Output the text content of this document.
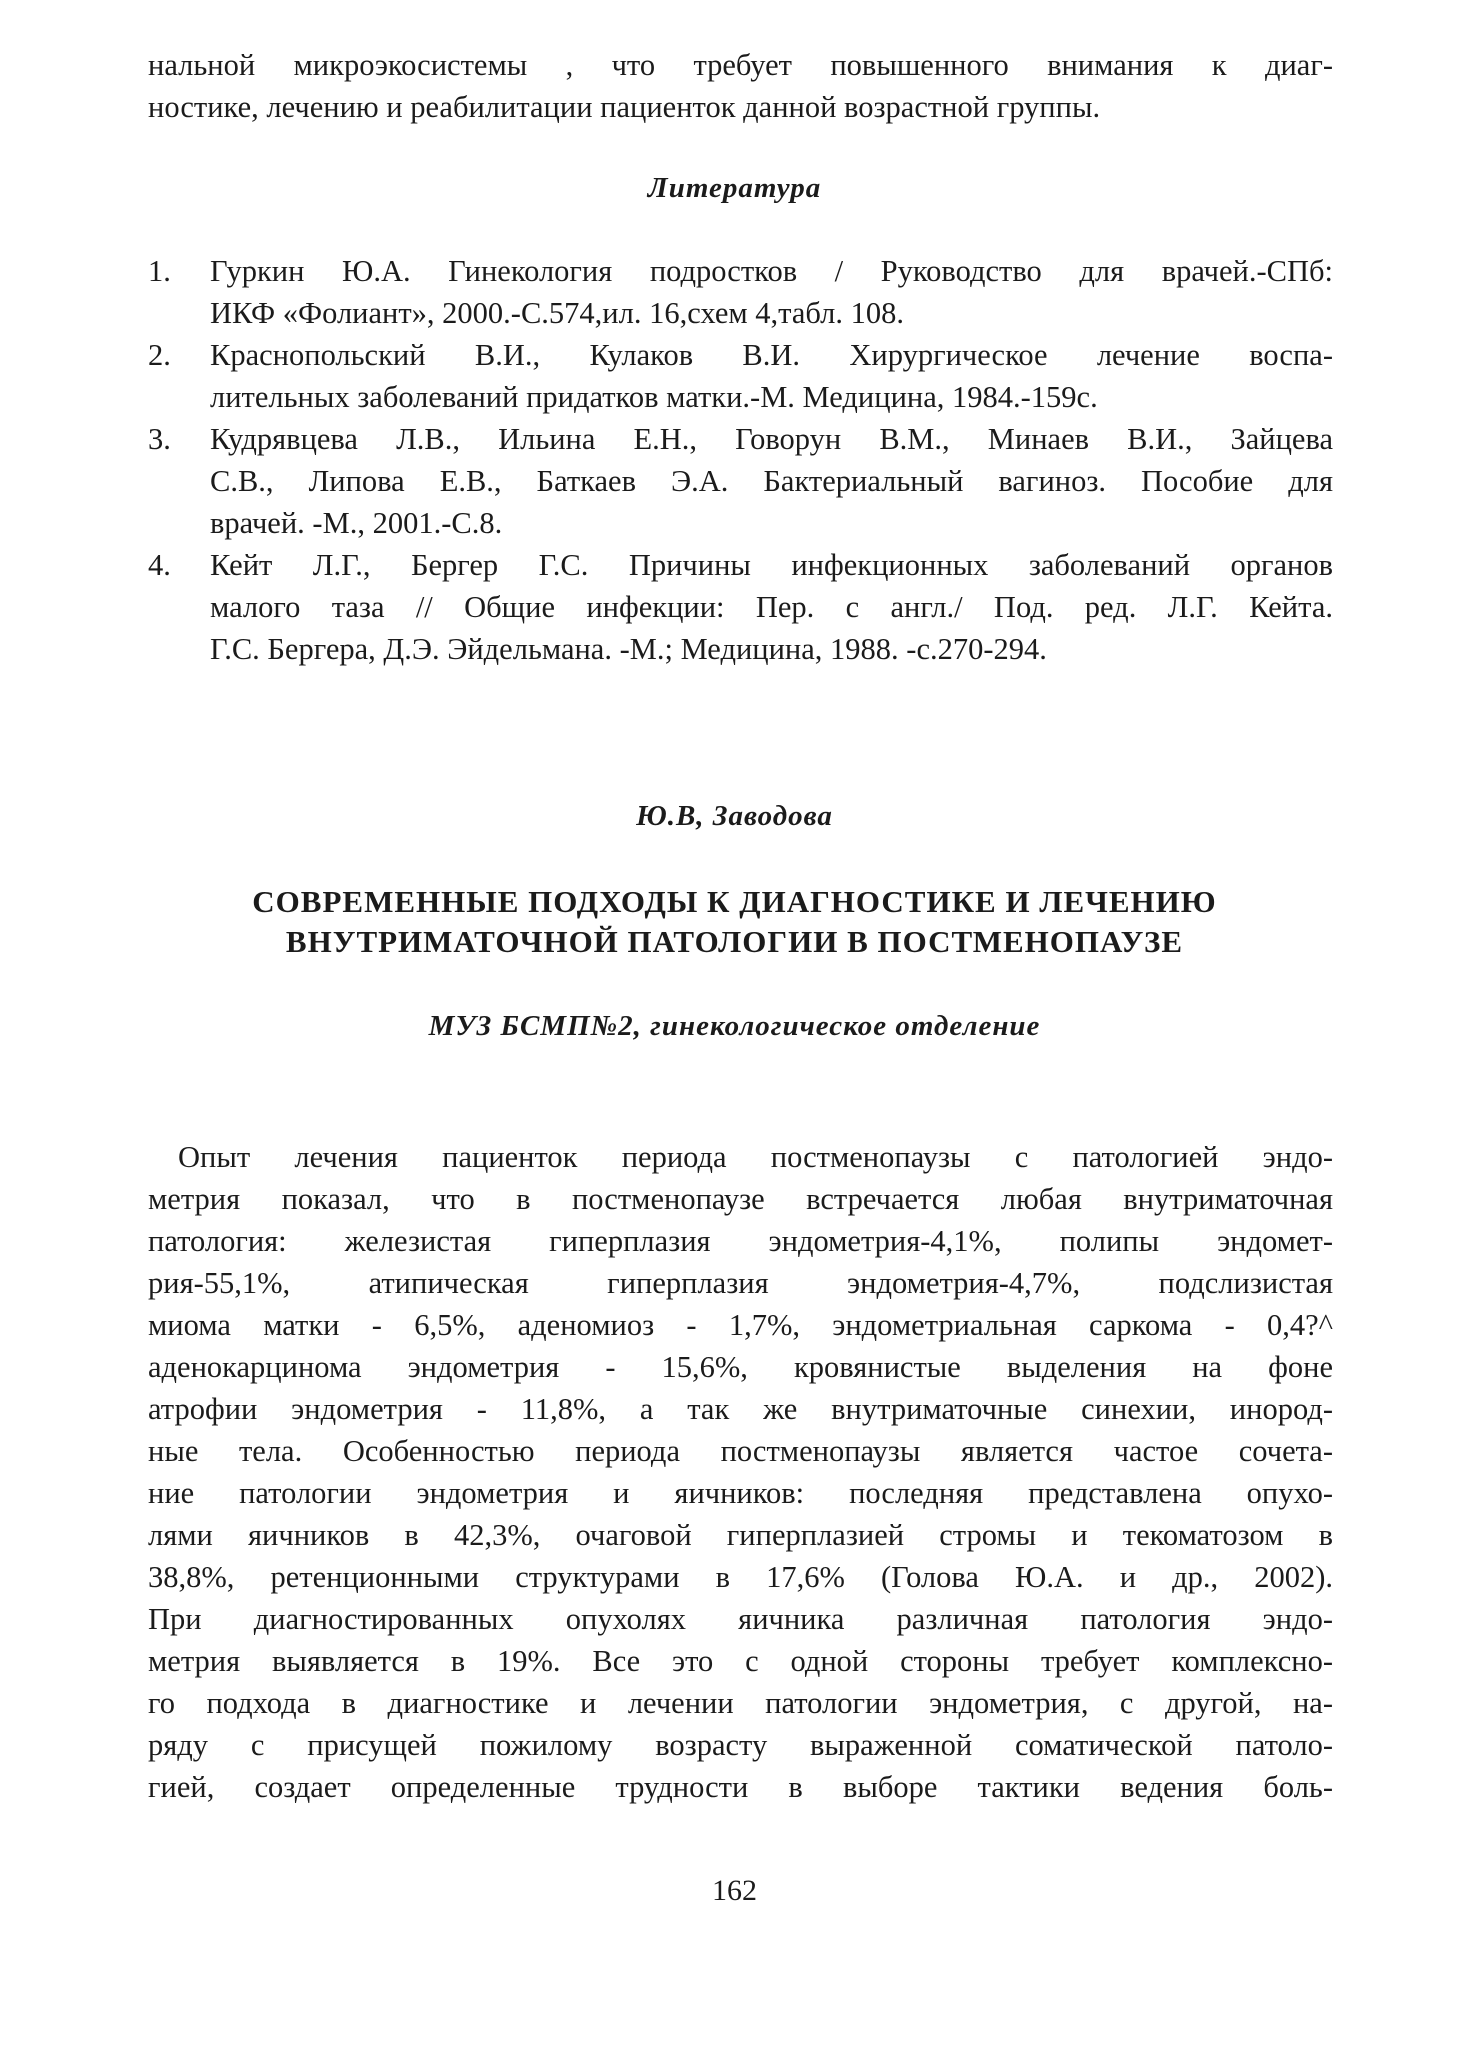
нальной микроэкосистемы , что требует повышенного внимания к диаг-
ностике, лечению и реабилитации пациенток данной возрастной группы.
Литература
1. Гуркин Ю.А. Гинекология подростков / Руководство для врачей.-СПб:
ИКФ «Фолиант», 2000.-С.574,ил. 16,схем 4,табл. 108.
2. Краснопольский В.И., Кулаков В.И. Хирургическое лечение воспа-
лительных заболеваний придатков матки.-М. Медицина, 1984.-159с.
3. Кудрявцева Л.В., Ильина Е.Н., Говорун В.М., Минаев В.И., Зайцева
С.В., Липова Е.В., Баткаев Э.А. Бактериальный вагиноз. Пособие для
врачей. -М., 2001.-С.8.
4. Кейт Л.Г., Бергер Г.С. Причины инфекционных заболеваний органов
малого таза // Общие инфекции: Пер. с англ./ Под. ред. Л.Г. Кейта.
Г.С. Бергера, Д.Э. Эйдельмана. -М.; Медицина, 1988. -с.270-294.
Ю.В, Заводова
СОВРЕМЕННЫЕ ПОДХОДЫ К ДИАГНОСТИКЕ И ЛЕЧЕНИЮ
ВНУТРИМАТОЧНОЙ ПАТОЛОГИИ В ПОСТМЕНОПАУЗЕ
МУЗ БСМП№2, гинекологическое отделение
Опыт лечения пациенток периода постменопаузы с патологией эндо-
метрия показал, что в постменопаузе встречается любая внутриматочная
патология: железистая гиперплазия эндометрия-4,1%, полипы эндомет-
рия-55,1%, атипическая гиперплазия эндометрия-4,7%, подслизистая
миома матки - 6,5%, аденомиоз - 1,7%, эндометриальная саркома - 0,4?^
аденокарцинома эндометрия - 15,6%, кровянистые выделения на фоне
атрофии эндометрия - 11,8%, а так же внутриматочные синехии, инород-
ные тела. Особенностью периода постменопаузы является частое сочета-
ние патологии эндометрия и яичников: последняя представлена опухо-
лями яичников в 42,3%, очаговой гиперплазией стромы и текоматозом в
38,8%, ретенционными структурами в 17,6% (Голова Ю.А. и др., 2002).
При диагностированных опухолях яичника различная патология эндо-
метрия выявляется в 19%. Все это с одной стороны требует комплексно-
го подхода в диагностике и лечении патологии эндометрия, с другой, на-
ряду с присущей пожилому возрасту выраженной соматической патоло-
гией, создает определенные трудности в выборе тактики ведения боль-
162
